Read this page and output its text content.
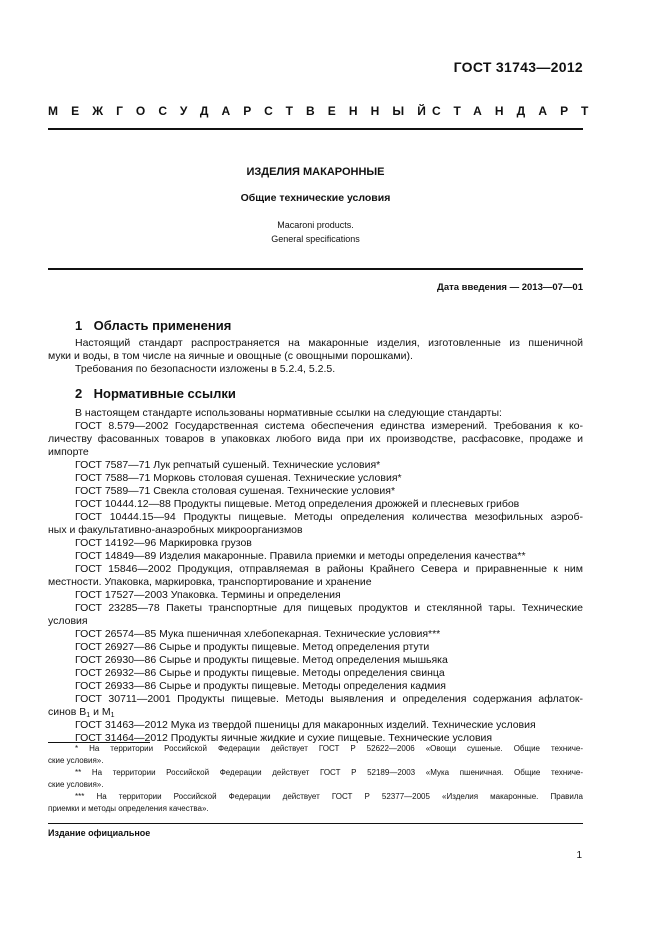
ГОСТ 31743—2012
МЕЖГОСУДАРСТВЕННЫЙ
СТАНДАРТ
ИЗДЕЛИЯ МАКАРОННЫЕ
Общие технические условия
Macaroni products.
General specifications
Дата введения — 2013—07—01
1 Область применения
Настоящий стандарт распространяется на макаронные изделия, изготовленные из пшеничной
муки и воды, в том числе на яичные и овощные (с овощными порошками).
Требования по безопасности изложены в 5.2.4, 5.2.5.
2 Нормативные ссылки
В настоящем стандарте использованы нормативные ссылки на следующие стандарты:
ГОСТ 8.579—2002 Государственная система обеспечения единства измерений. Требования к ко-
личеству фасованных товаров в упаковках любого вида при их производстве, расфасовке, продаже и
импорте
ГОСТ 7587—71 Лук репчатый сушеный. Технические условия*
ГОСТ 7588—71 Морковь столовая сушеная. Технические условия*
ГОСТ 7589—71 Свекла столовая сушеная. Технические условия*
ГОСТ 10444.12—88 Продукты пищевые. Метод определения дрожжей и плесневых грибов
ГОСТ 10444.15—94 Продукты пищевые. Методы определения количества мезофильных аэроб-
ных и факультативно-анаэробных микроорганизмов
ГОСТ 14192—96 Маркировка грузов
ГОСТ 14849—89 Изделия макаронные. Правила приемки и методы определения качества**
ГОСТ 15846—2002 Продукция, отправляемая в районы Крайнего Севера и приравненные к ним
местности. Упаковка, маркировка, транспортирование и хранение
ГОСТ 17527—2003 Упаковка. Термины и определения
ГОСТ 23285—78 Пакеты транспортные для пищевых продуктов и стеклянной тары. Технические
условия
ГОСТ 26574—85 Мука пшеничная хлебопекарная. Технические условия***
ГОСТ 26927—86 Сырье и продукты пищевые. Метод определения ртути
ГОСТ 26930—86 Сырье и продукты пищевые. Метод определения мышьяка
ГОСТ 26932—86 Сырье и продукты пищевые. Методы определения свинца
ГОСТ 26933—86 Сырье и продукты пищевые. Методы определения кадмия
ГОСТ 30711—2001 Продукты пищевые. Методы выявления и определения содержания афлаток-
синов $B_1$ и $M_1$
ГОСТ 31463—2012 Мука из твердой пшеницы для макаронных изделий. Технические условия
ГОСТ 31464—2012 Продукты яичные жидкие и сухие пищевые. Технические условия
* На территории Российской Федерации действует ГОСТ Р 52622—2006 «Овощи сушеные. Общие техниче-
ские условия».
** На территории Российской Федерации действует ГОСТ Р 52189—2003 «Мука пшеничная. Общие техниче-
ские условия».
*** На территории Российской Федерации действует ГОСТ Р 52377—2005 «Изделия макаронные. Правила
приемки и методы определения качества».
Издание официальное
1
